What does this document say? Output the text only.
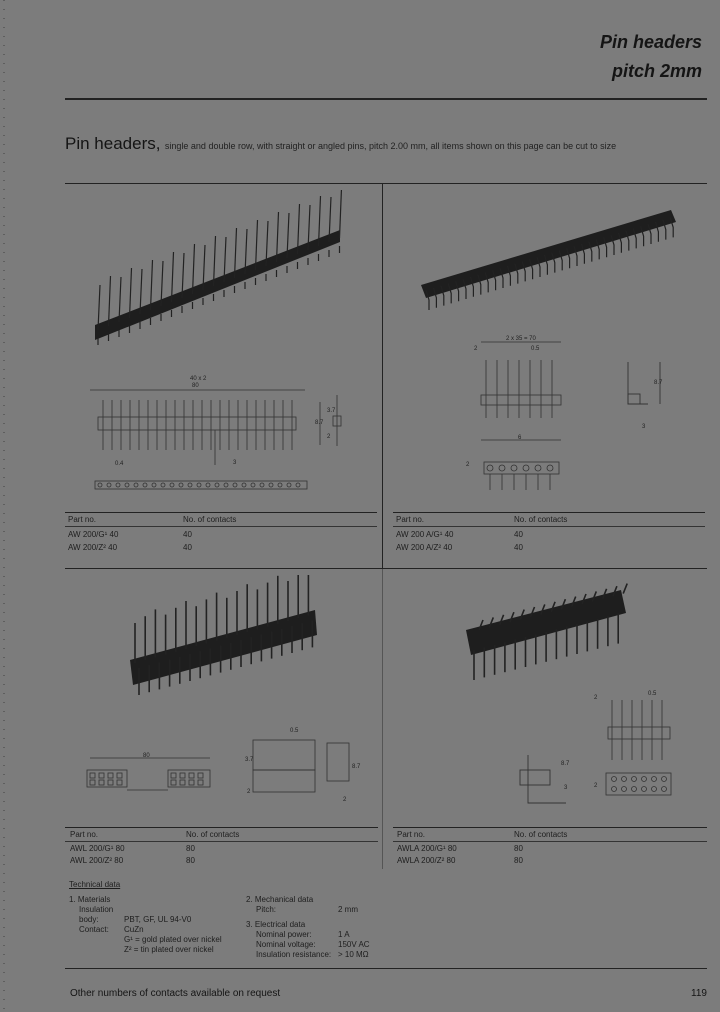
Pin headers
pitch 2mm
Pin headers, single and double row, with straight or angled pins, pitch 2.00 mm, all items shown on this page can be cut to size
40 x 2
80
0.4	3
3.7
8.7
2
2 x 35 = 70
0.5
2
8.7
3
6
2
Part no.	No. of contacts
AW 200/G¹ 40	40
AW 200/Z² 40	40
Part no.	No. of contacts
AW 200 A/G¹ 40	40
AW 200 A/Z² 40	40
80
0.5
3.7
2
8.7
2
0.5
2
8.7
3	2
Part no.	No. of contacts
AWL 200/G¹ 80	80
AWL 200/Z² 80	80
Part no.	No. of contacts
AWLA 200/G¹ 80	80
AWLA 200/Z² 80	80
Technical data
1. Materials
Insulation
body:	PBT, GF, UL 94-V0
Contact: CuZn
G¹ = gold plated over nickel
Z² = tin plated over nickel
2. Mechanical data
Pitch:	2 mm
3. Electrical data
Nominal power:	1 A
Nominal voltage:	150V AC
Insulation resistance: > 10 MΩ
Other numbers of contacts available on request	119
